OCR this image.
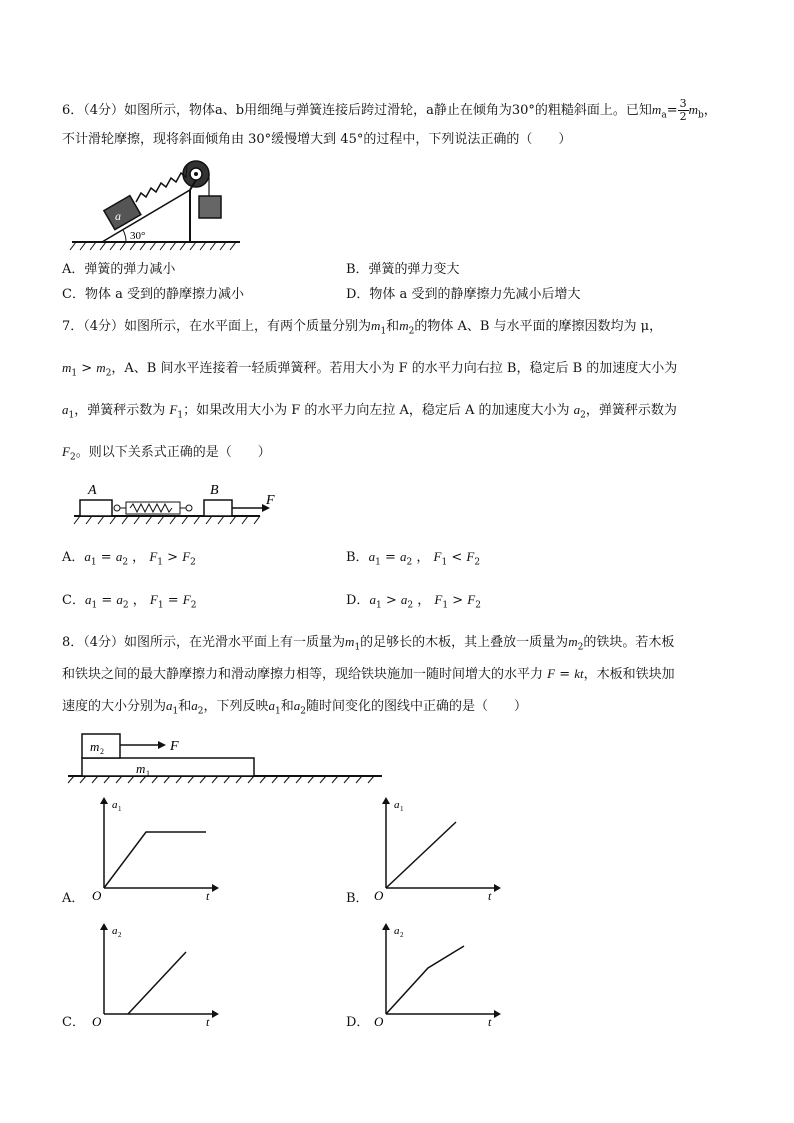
6．（4分）如图所示，物体a、b用细绳与弹簧连接后跨过滑轮，a静止在倾角为30°的粗糙斜面上。已知$m_a= \frac{3}{2} m_b$，
不计滑轮摩擦，现将斜面倾角由 30°缓慢增大到 45°的过程中，下列说法正确的（　　）
a
30°
A．弹簧的弹力减小	B．弹簧的弹力变大
C．物体 a 受到的静摩擦力减小	D．物体 a 受到的静摩擦力先减小后增大
7．（4分）如图所示，在水平面上，有两个质量分别为$m_1$和$m_2$的物体 A、B 与水平面的摩擦因数均为 μ，
$m_1 > m_2$，A、B 间水平连接着一轻质弹簧秤。若用大小为 F 的水平力向右拉 B，稳定后 B 的加速度大小为
$a_1$，弹簧秤示数为 $F_1$；如果改用大小为 F 的水平力向左拉 A，稳定后 A 的加速度大小为 $a_2$，弹簧秤示数为
$F_2$。则以下关系式正确的是（　　）
A	B
F
A．$a_1 = a_2$ ， $F_1 > F_2$	B．$a_1 = a_2$ ， $F_1 < F_2$
C．$a_1 = a_2$ ， $F_1 = F_2$	D．$a_1 > a_2$ ， $F_1 > F_2$
8．（4分）如图所示，在光滑水平面上有一质量为$m_1$的足够长的木板，其上叠放一质量为$m_2$的铁块。若木板
和铁块之间的最大静摩擦力和滑动摩擦力相等，现给铁块施加一随时间增大的水平力 F = kt，木板和铁块加
速度的大小分别为$a_1$和$a_2$，下列反映$a_1$和$a_2$随时间变化的图线中正确的是（　　）
m 1
m 2	F
A．
a 1
O	t	B．
a 1
O	t
C．
a 2
O	t	D．
a 2
O	t
